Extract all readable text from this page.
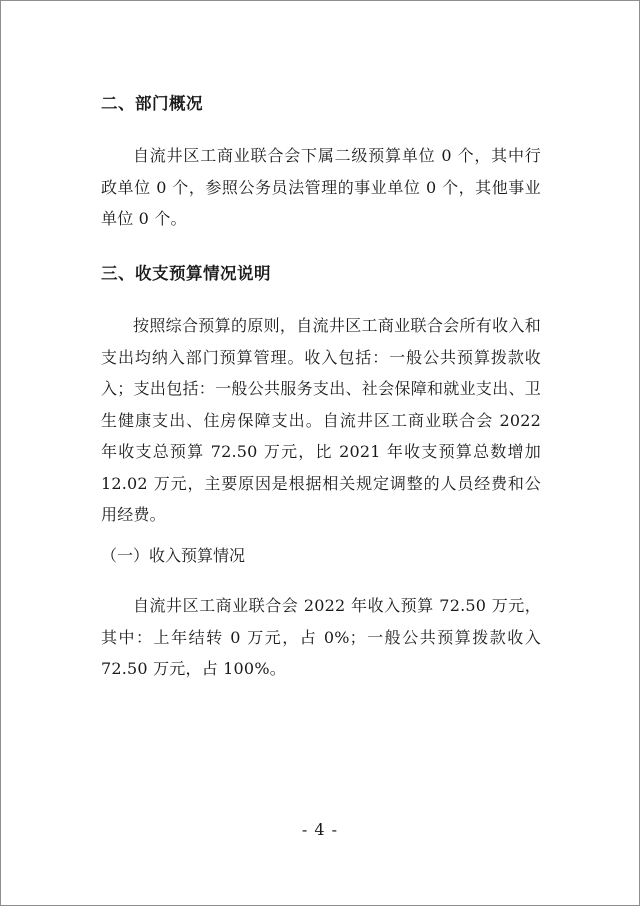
二、部门概况

自流井区工商业联合会下属二级预算单位 0 个，其中行政单位 0 个，参照公务员法管理的事业单位 0 个，其他事业单位 0 个。

三、收支预算情况说明

按照综合预算的原则，自流井区工商业联合会所有收入和支出均纳入部门预算管理。收入包括：一般公共预算拨款收入；支出包括：一般公共服务支出、社会保障和就业支出、卫生健康支出、住房保障支出。自流井区工商业联合会 2022 年收支总预算 72.50 万元，比 2021 年收支预算总数增加 12.02 万元，主要原因是根据相关规定调整的人员经费和公用经费。

（一）收入预算情况

自流井区工商业联合会 2022 年收入预算 72.50 万元，其中：上年结转 0 万元，占 0%；一般公共预算拨款收入 72.50 万元，占 100%。

- 4 -
